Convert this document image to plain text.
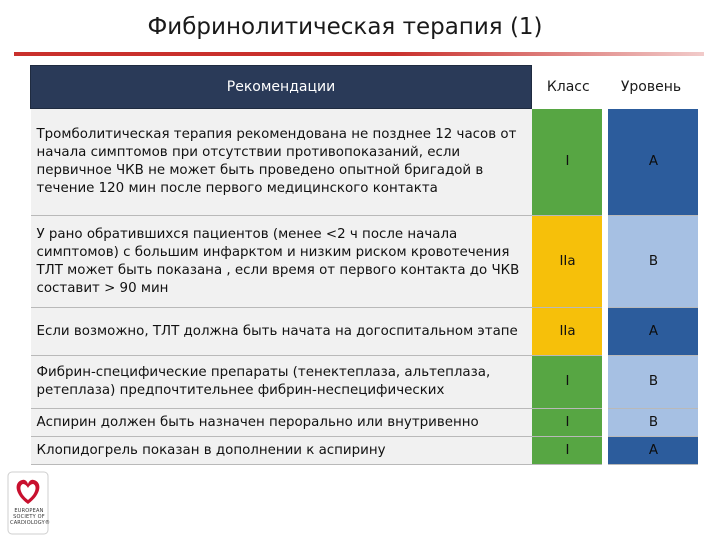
Фибринолитическая терапия (1)
Рекомендации	Класс	Уровень
Тромболитическая терапия рекомендована не позднее 12 часов от начала симптомов при отсутствии противопоказаний, если первичное ЧКВ не может быть проведено опытной бригадой в течение 120 мин после первого медицинского контакта	I	A
У рано обратившихся пациентов (менее <2 ч после начала симптомов) с большим инфарктом и низким риском кровотечения ТЛТ может быть показана , если время от первого контакта до ЧКВ составит > 90 мин	IIa	B
Если возможно, ТЛТ должна быть начата на догоспитальном этапе	IIa	A
Фибрин-специфические препараты (тенектеплаза, альтеплаза, ретеплаза) предпочтительнее фибрин-неспецифических	I	B
Аспирин должен быть назначен перорально или внутривенно	I	B
Клопидогрель показан в дополнении к аспирину	I	A
EUROPEAN SOCIETY OF CARDIOLOGY®
